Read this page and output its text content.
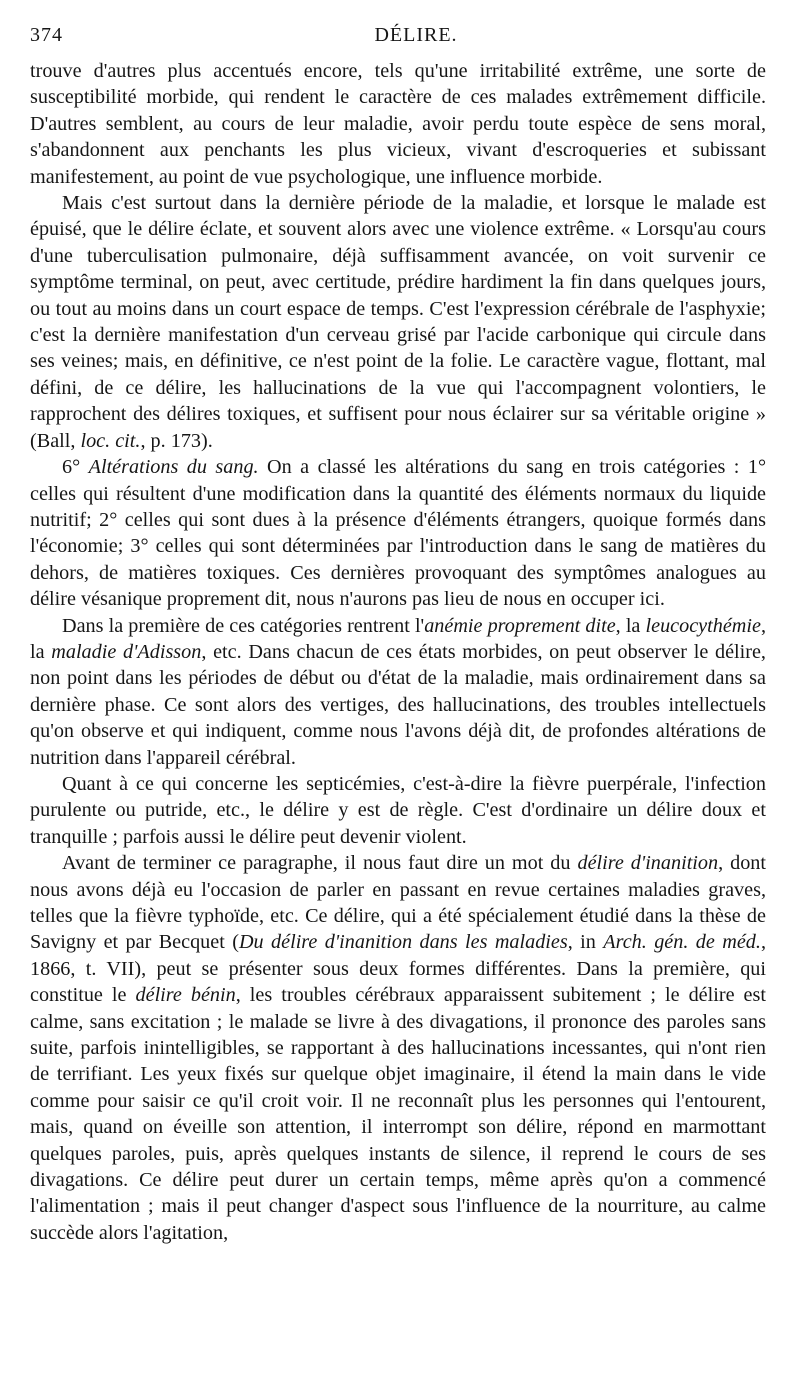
374	DÉLIRE.

trouve d'autres plus accentués encore, tels qu'une irritabilité extrême, une sorte de susceptibilité morbide, qui rendent le caractère de ces malades extrêmement difficile. D'autres semblent, au cours de leur maladie, avoir perdu toute espèce de sens moral, s'abandonnent aux penchants les plus vicieux, vivant d'escroqueries et subissant manifestement, au point de vue psychologique, une influence morbide.

Mais c'est surtout dans la dernière période de la maladie, et lorsque le malade est épuisé, que le délire éclate, et souvent alors avec une violence extrême. « Lorsqu'au cours d'une tuberculisation pulmonaire, déjà suffisamment avancée, on voit survenir ce symptôme terminal, on peut, avec certitude, prédire hardiment la fin dans quelques jours, ou tout au moins dans un court espace de temps. C'est l'expression cérébrale de l'asphyxie; c'est la dernière manifestation d'un cerveau grisé par l'acide carbonique qui circule dans ses veines; mais, en définitive, ce n'est point de la folie. Le caractère vague, flottant, mal défini, de ce délire, les hallucinations de la vue qui l'accompagnent volontiers, le rapprochent des délires toxiques, et suffisent pour nous éclairer sur sa véritable origine » (Ball, loc. cit., p. 173).

6° Altérations du sang. On a classé les altérations du sang en trois catégories : 1° celles qui résultent d'une modification dans la quantité des éléments normaux du liquide nutritif; 2° celles qui sont dues à la présence d'éléments étrangers, quoique formés dans l'économie; 3° celles qui sont déterminées par l'introduction dans le sang de matières du dehors, de matières toxiques. Ces dernières provoquant des symptômes analogues au délire vésanique proprement dit, nous n'aurons pas lieu de nous en occuper ici.

Dans la première de ces catégories rentrent l'anémie proprement dite, la leucocythémie, la maladie d'Adisson, etc. Dans chacun de ces états morbides, on peut observer le délire, non point dans les périodes de début ou d'état de la maladie, mais ordinairement dans sa dernière phase. Ce sont alors des vertiges, des hallucinations, des troubles intellectuels qu'on observe et qui indiquent, comme nous l'avons déjà dit, de profondes altérations de nutrition dans l'appareil cérébral.

Quant à ce qui concerne les septicémies, c'est-à-dire la fièvre puerpérale, l'infection purulente ou putride, etc., le délire y est de règle. C'est d'ordinaire un délire doux et tranquille ; parfois aussi le délire peut devenir violent.

Avant de terminer ce paragraphe, il nous faut dire un mot du délire d'inanition, dont nous avons déjà eu l'occasion de parler en passant en revue certaines maladies graves, telles que la fièvre typhoïde, etc. Ce délire, qui a été spécialement étudié dans la thèse de Savigny et par Becquet (Du délire d'inanition dans les maladies, in Arch. gén. de méd., 1866, t. VII), peut se présenter sous deux formes différentes. Dans la première, qui constitue le délire bénin, les troubles cérébraux apparaissent subitement ; le délire est calme, sans excitation ; le malade se livre à des divagations, il prononce des paroles sans suite, parfois inintelligibles, se rapportant à des hallucinations incessantes, qui n'ont rien de terrifiant. Les yeux fixés sur quelque objet imaginaire, il étend la main dans le vide comme pour saisir ce qu'il croit voir. Il ne reconnaît plus les personnes qui l'entourent, mais, quand on éveille son attention, il interrompt son délire, répond en marmottant quelques paroles, puis, après quelques instants de silence, il reprend le cours de ses divagations. Ce délire peut durer un certain temps, même après qu'on a commencé l'alimentation ; mais il peut changer d'aspect sous l'influence de la nourriture, au calme succède alors l'agitation,
